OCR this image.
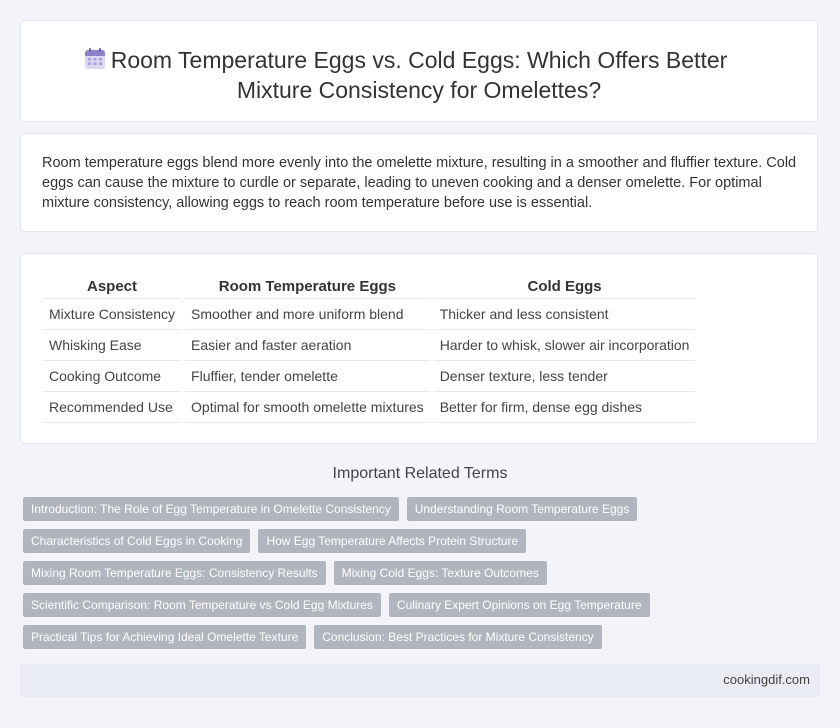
Room Temperature Eggs vs. Cold Eggs: Which Offers Better
Mixture Consistency for Omelettes?

Room temperature eggs blend more evenly into the omelette mixture, resulting in a smoother and fluffier texture. Cold eggs can cause the mixture to curdle or separate, leading to uneven cooking and a denser omelette. For optimal mixture consistency, allowing eggs to reach room temperature before use is essential.

Aspect		Room Temperature Eggs		Cold Eggs
Mixture Consistency		Smoother and more uniform blend		Thicker and less consistent
Whisking Ease		Easier and faster aeration		Harder to whisk, slower air incorporation
Cooking Outcome		Fluffier, tender omelette		Denser texture, less tender
Recommended Use		Optimal for smooth omelette mixtures		Better for firm, dense egg dishes
Important Related Terms
Introduction: The Role of Egg Temperature in Omelette Consistency	Understanding Room Temperature Eggs
Characteristics of Cold Eggs in Cooking	How Egg Temperature Affects Protein Structure
Mixing Room Temperature Eggs: Consistency Results	Mixing Cold Eggs: Texture Outcomes
Scientific Comparison: Room Temperature vs Cold Egg Mixtures	Culinary Expert Opinions on Egg Temperature
Practical Tips for Achieving Ideal Omelette Texture	Conclusion: Best Practices for Mixture Consistency
cookingdif.com
